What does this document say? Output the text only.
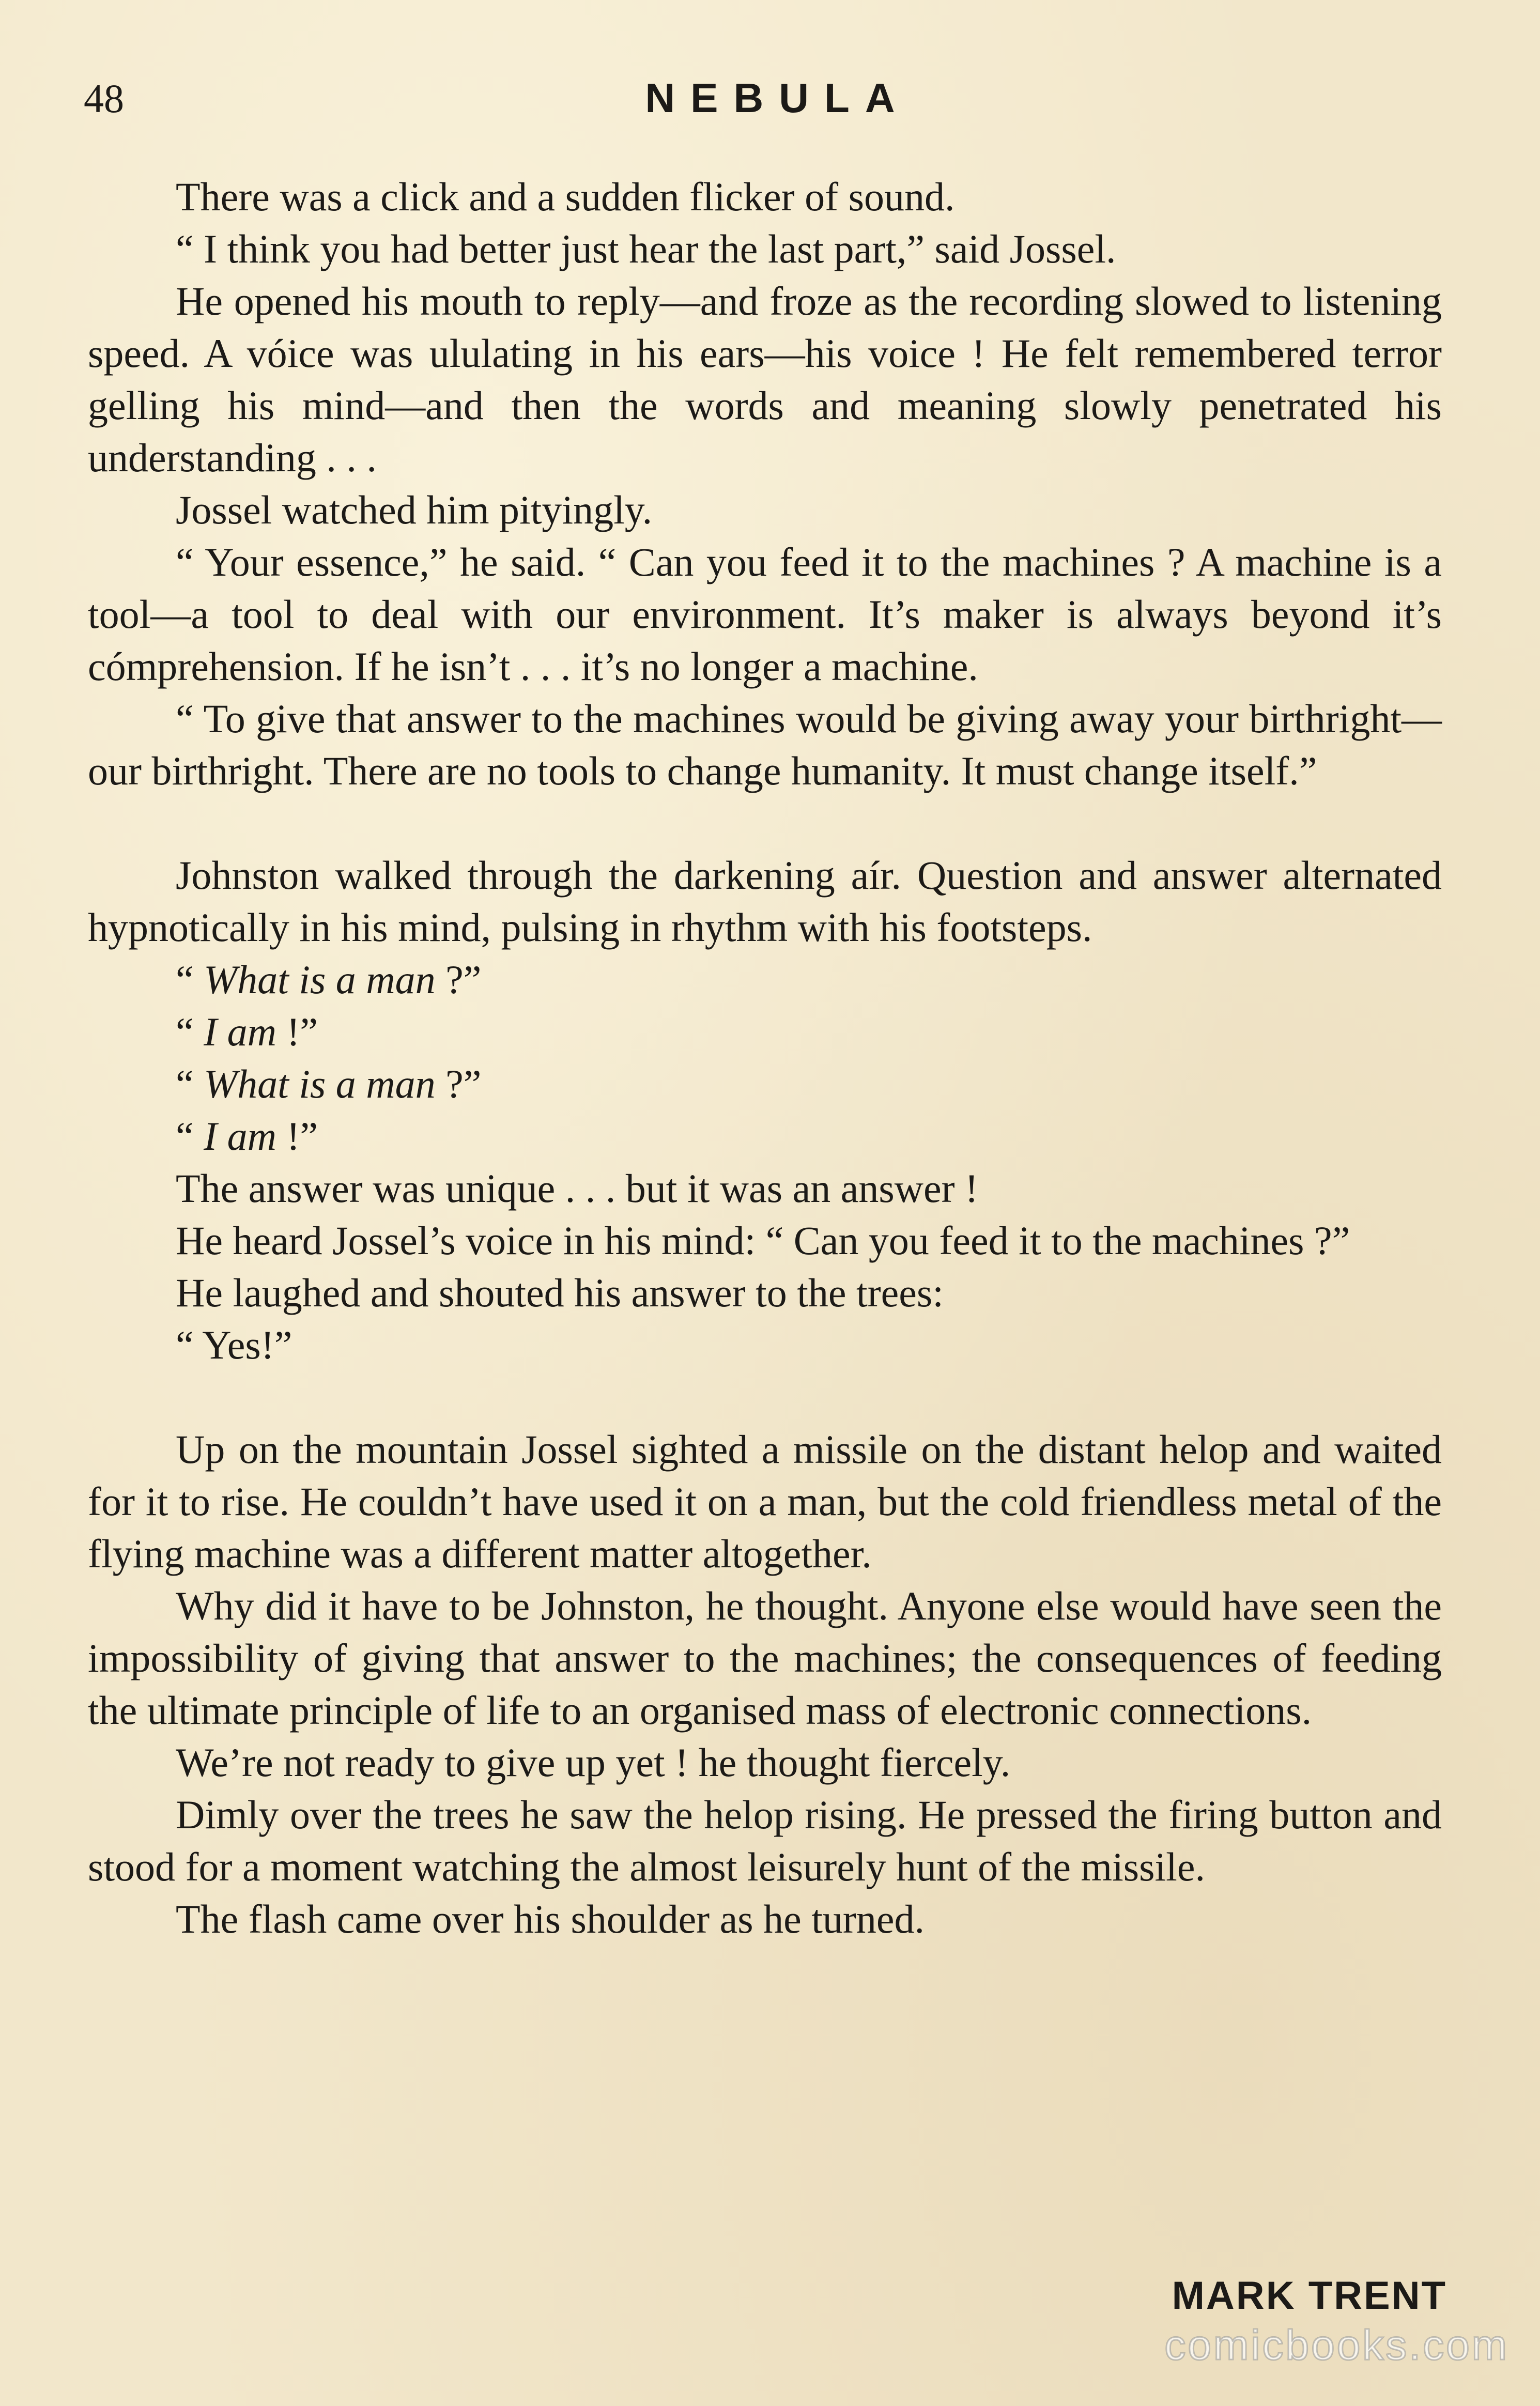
48	NEBULA

There was a click and a sudden flicker of sound.

“ I think you had better just hear the last part,” said Jossel.

He opened his mouth to reply—and froze as the recording slowed to listening speed. A vóice was ululating in his ears—his voice ! He felt remembered terror gelling his mind—and then the words and meaning slowly penetrated his understanding . . .

Jossel watched him pityingly.

“ Your essence,” he said. “ Can you feed it to the machines ? A machine is a tool—a tool to deal with our environment. It’s maker is always beyond it’s cómprehension. If he isn’t . . . it’s no longer a machine.

“ To give that answer to the machines would be giving away your birthright—our birthright. There are no tools to change humanity. It must change itself.”

Johnston walked through the darkening aír. Question and answer alternated hypnotically in his mind, pulsing in rhythm with his footsteps.

“ What is a man ?”

“ I am !”

“ What is a man ?”

“ I am !”

The answer was unique . . . but it was an answer !

He heard Jossel’s voice in his mind: “ Can you feed it to the machines ?”

He laughed and shouted his answer to the trees:

“ Yes!”

Up on the mountain Jossel sighted a missile on the distant helop and waited for it to rise. He couldn’t have used it on a man, but the cold friendless metal of the flying machine was a different matter altogether.

Why did it have to be Johnston, he thought. Anyone else would have seen the impossibility of giving that answer to the machines; the consequences of feeding the ultimate principle of life to an organised mass of electronic connections.

We’re not ready to give up yet ! he thought fiercely.

Dimly over the trees he saw the helop rising. He pressed the firing button and stood for a moment watching the almost leisurely hunt of the missile.

The flash came over his shoulder as he turned.

MARK TRENT
comicbooks.com
